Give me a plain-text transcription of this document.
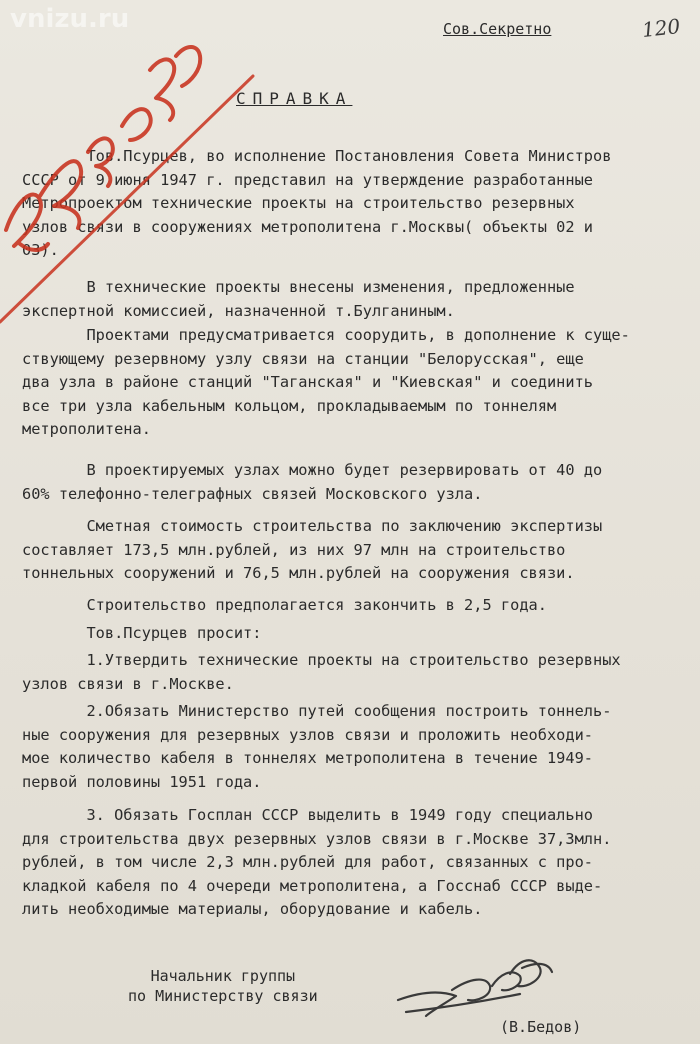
vnizu.ru	Сов.Секретно	120
СПРАВКА
Тов.Псурцев, во исполнение Постановления Совета Министров
СССР от 9 июня 1947 г. представил на утверждение разработанные
Метропроектом технические проекты на строительство резервных
узлов связи в сооружениях метрополитена г.Москвы( объекты 02 и
03).
В технические проекты внесены изменения, предложенные
экспертной комиссией, назначенной т.Булганиным.
Проектами предусматривается соорудить, в дополнение к суще-
ствующему резервному узлу связи на станции "Белорусская", еще
два узла в районе станций "Таганская" и "Киевская" и соединить
все три узла кабельным кольцом, прокладываемым по тоннелям
метрополитена.
В проектируемых узлах можно будет резервировать от 40 до
60% телефонно-телеграфных связей Московского узла.
Сметная стоимость строительства по заключению экспертизы
составляет 173,5 млн.рублей, из них 97 млн на строительство
тоннельных сооружений и 76,5 млн.рублей на сооружения связи.
Строительство предполагается закончить в 2,5 года.
Тов.Псурцев просит:
1.Утвердить технические проекты на строительство резервных
узлов связи в г.Москве.
2.Обязать Министерство путей сообщения построить тоннель-
ные сооружения для резервных узлов связи и проложить необходи-
мое количество кабеля в тоннелях метрополитена в течение 1949-
первой половины 1951 года.
3. Обязать Госплан СССР выделить в 1949 году специально
для строительства двух резервных узлов связи в г.Москве 37,3млн.
рублей, в том числе 2,3 млн.рублей для работ, связанных с про-
кладкой кабеля по 4 очереди метрополитена, а Госснаб СССР выде-
лить необходимые материалы, оборудование и кабель.
Начальник группы
по Министерству связи
(В.Бедов)
